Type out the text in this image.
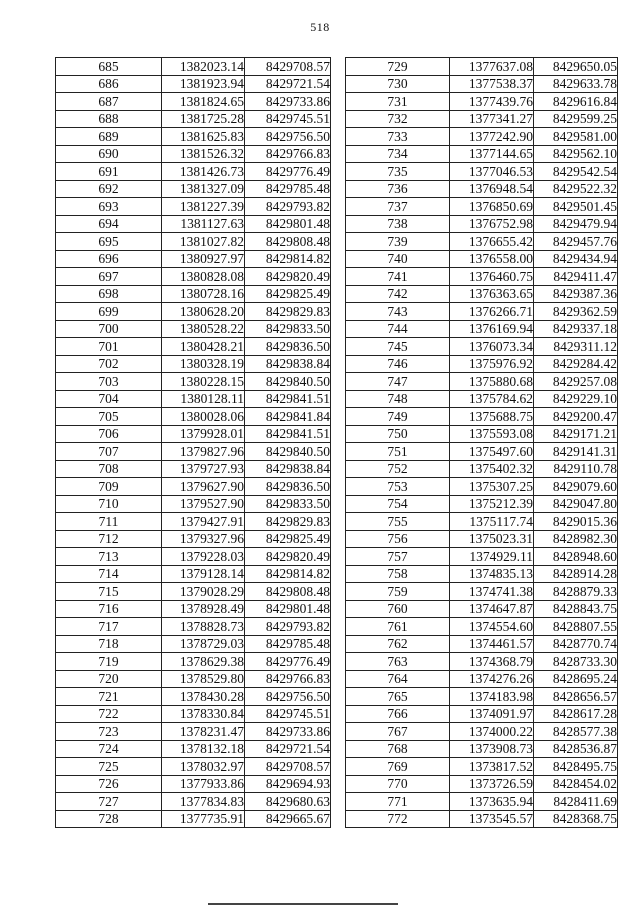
518
685	1382023.14	8429708.57
686	1381923.94	8429721.54
687	1381824.65	8429733.86
688	1381725.28	8429745.51
689	1381625.83	8429756.50
690	1381526.32	8429766.83
691	1381426.73	8429776.49
692	1381327.09	8429785.48
693	1381227.39	8429793.82
694	1381127.63	8429801.48
695	1381027.82	8429808.48
696	1380927.97	8429814.82
697	1380828.08	8429820.49
698	1380728.16	8429825.49
699	1380628.20	8429829.83
700	1380528.22	8429833.50
701	1380428.21	8429836.50
702	1380328.19	8429838.84
703	1380228.15	8429840.50
704	1380128.11	8429841.51
705	1380028.06	8429841.84
706	1379928.01	8429841.51
707	1379827.96	8429840.50
708	1379727.93	8429838.84
709	1379627.90	8429836.50
710	1379527.90	8429833.50
711	1379427.91	8429829.83
712	1379327.96	8429825.49
713	1379228.03	8429820.49
714	1379128.14	8429814.82
715	1379028.29	8429808.48
716	1378928.49	8429801.48
717	1378828.73	8429793.82
718	1378729.03	8429785.48
719	1378629.38	8429776.49
720	1378529.80	8429766.83
721	1378430.28	8429756.50
722	1378330.84	8429745.51
723	1378231.47	8429733.86
724	1378132.18	8429721.54
725	1378032.97	8429708.57
726	1377933.86	8429694.93
727	1377834.83	8429680.63
728	1377735.91	8429665.67
729	1377637.08	8429650.05
730	1377538.37	8429633.78
731	1377439.76	8429616.84
732	1377341.27	8429599.25
733	1377242.90	8429581.00
734	1377144.65	8429562.10
735	1377046.53	8429542.54
736	1376948.54	8429522.32
737	1376850.69	8429501.45
738	1376752.98	8429479.94
739	1376655.42	8429457.76
740	1376558.00	8429434.94
741	1376460.75	8429411.47
742	1376363.65	8429387.36
743	1376266.71	8429362.59
744	1376169.94	8429337.18
745	1376073.34	8429311.12
746	1375976.92	8429284.42
747	1375880.68	8429257.08
748	1375784.62	8429229.10
749	1375688.75	8429200.47
750	1375593.08	8429171.21
751	1375497.60	8429141.31
752	1375402.32	8429110.78
753	1375307.25	8429079.60
754	1375212.39	8429047.80
755	1375117.74	8429015.36
756	1375023.31	8428982.30
757	1374929.11	8428948.60
758	1374835.13	8428914.28
759	1374741.38	8428879.33
760	1374647.87	8428843.75
761	1374554.60	8428807.55
762	1374461.57	8428770.74
763	1374368.79	8428733.30
764	1374276.26	8428695.24
765	1374183.98	8428656.57
766	1374091.97	8428617.28
767	1374000.22	8428577.38
768	1373908.73	8428536.87
769	1373817.52	8428495.75
770	1373726.59	8428454.02
771	1373635.94	8428411.69
772	1373545.57	8428368.75
